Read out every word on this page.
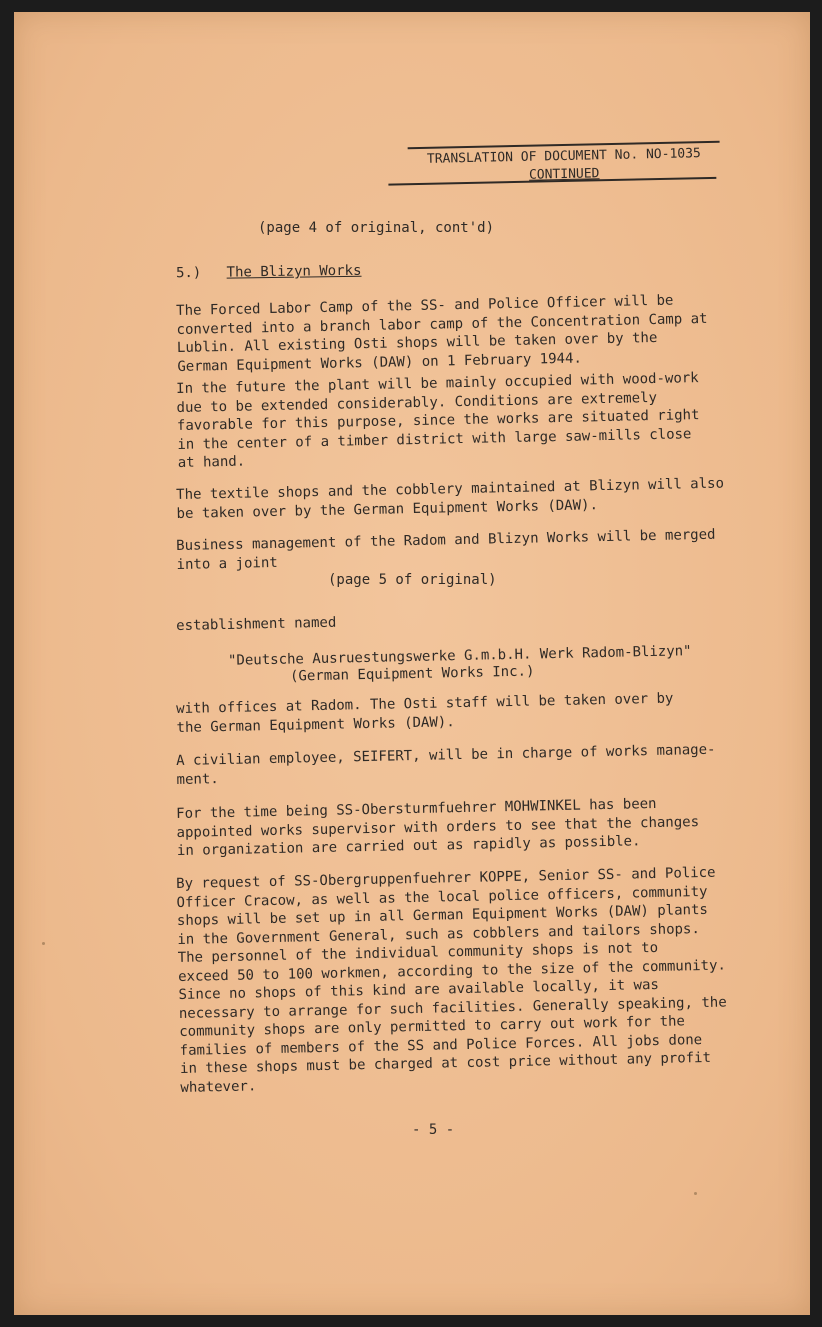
TRANSLATION OF DOCUMENT No. NO-1035
CONTINUED
(page 4 of original, cont'd)
5.) The Blizyn Works
The Forced Labor Camp of the SS- and Police Officer will be
converted into a branch labor camp of the Concentration Camp at
Lublin. All existing Osti shops will be taken over by the
German Equipment Works (DAW) on 1 February 1944.
In the future the plant will be mainly occupied with wood-work
due to be extended considerably. Conditions are extremely
favorable for this purpose, since the works are situated right
in the center of a timber district with large saw-mills close
at hand.
The textile shops and the cobblery maintained at Blizyn will also
be taken over by the German Equipment Works (DAW).
Business management of the Radom and Blizyn Works will be merged
into a joint
(page 5 of original)
establishment named
"Deutsche Ausruestungswerke G.m.b.H. Werk Radom-Blizyn"
(German Equipment Works Inc.)
with offices at Radom. The Osti staff will be taken over by
the German Equipment Works (DAW).
A civilian employee, SEIFERT, will be in charge of works manage-
ment.
For the time being SS-Obersturmfuehrer MOHWINKEL has been
appointed works supervisor with orders to see that the changes
in organization are carried out as rapidly as possible.
By request of SS-Obergruppenfuehrer KOPPE, Senior SS- and Police
Officer Cracow, as well as the local police officers, community
shops will be set up in all German Equipment Works (DAW) plants
in the Government General, such as cobblers and tailors shops.
The personnel of the individual community shops is not to
exceed 50 to 100 workmen, according to the size of the community.
Since no shops of this kind are available locally, it was
necessary to arrange for such facilities. Generally speaking, the
community shops are only permitted to carry out work for the
families of members of the SS and Police Forces. All jobs done
in these shops must be charged at cost price without any profit
whatever.
- 5 -
